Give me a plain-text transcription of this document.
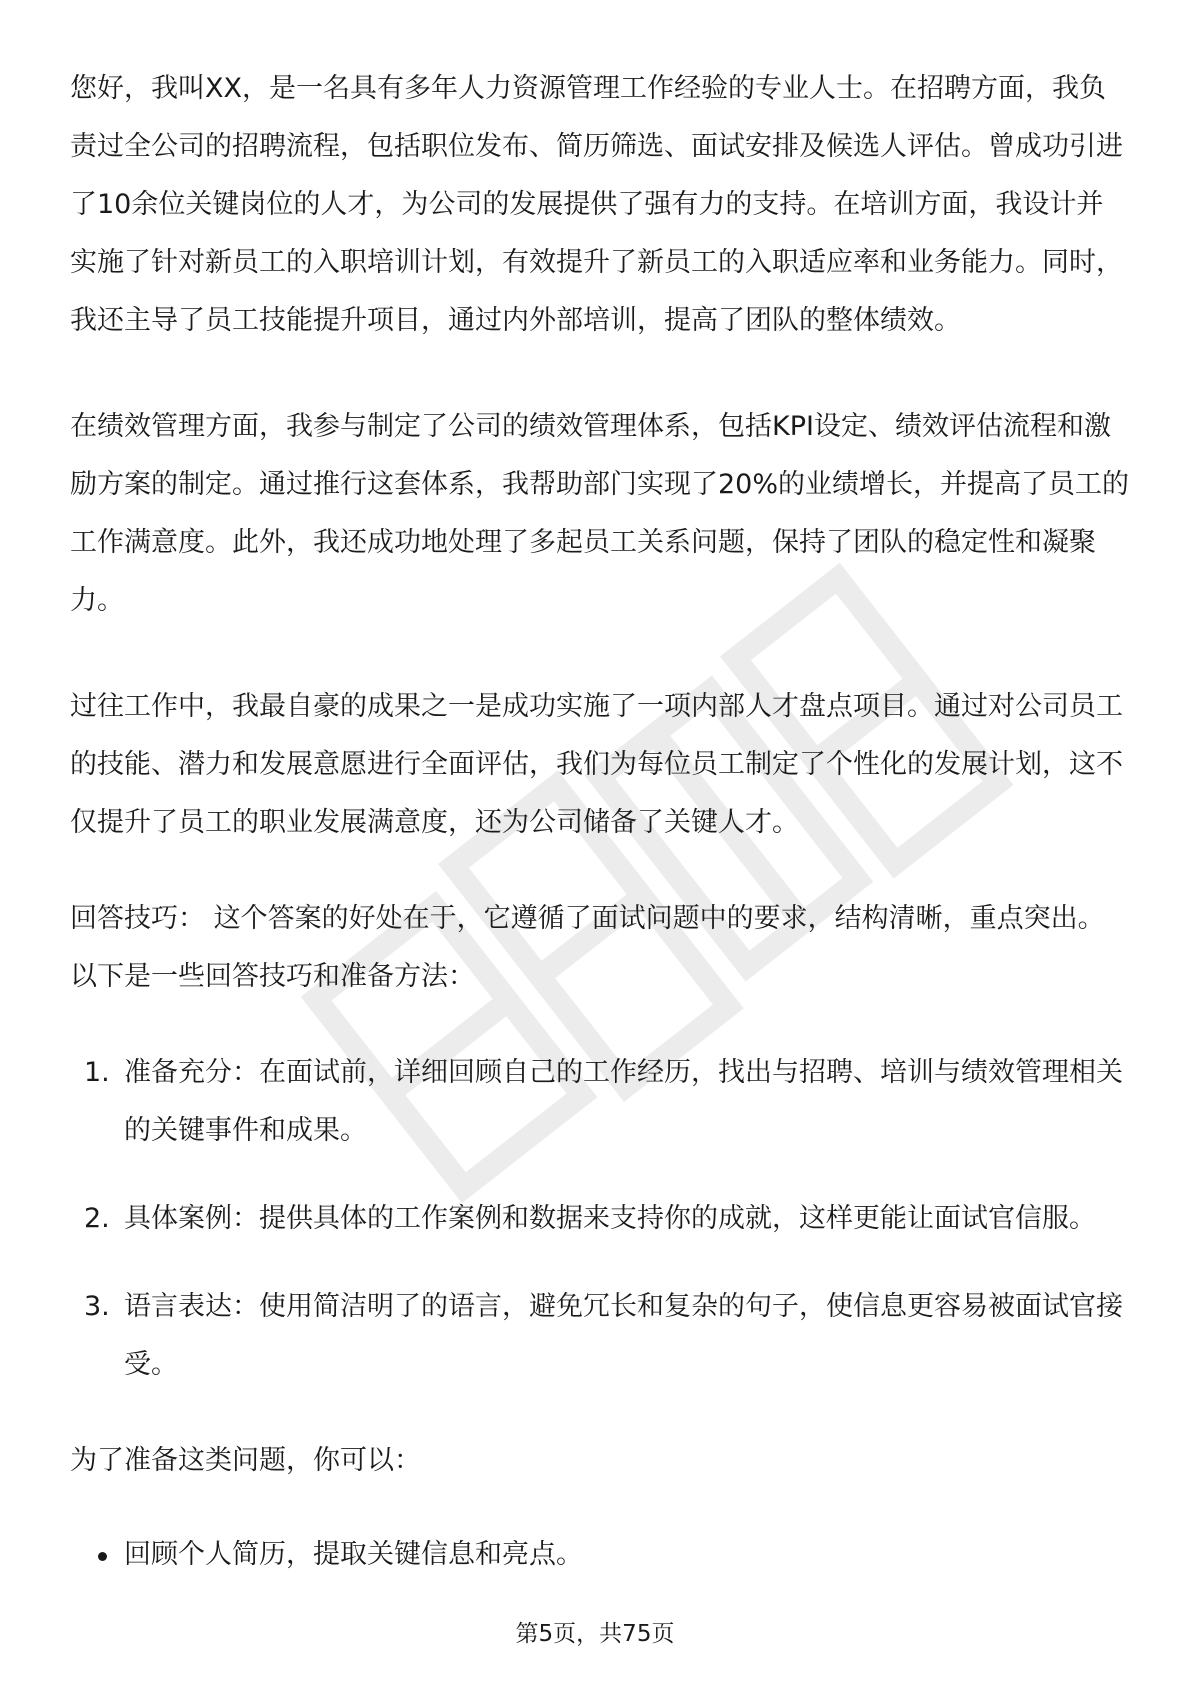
您好，我叫XX，是一名具有多年人力资源管理工作经验的专业人士。在招聘方面，我负责过全公司的招聘流程，包括职位发布、简历筛选、面试安排及候选人评估。曾成功引进了10余位关键岗位的人才，为公司的发展提供了强有力的支持。在培训方面，我设计并实施了针对新员工的入职培训计划，有效提升了新员工的入职适应率和业务能力。同时，我还主导了员工技能提升项目，通过内外部培训，提高了团队的整体绩效。

在绩效管理方面，我参与制定了公司的绩效管理体系，包括KPI设定、绩效评估流程和激励方案的制定。通过推行这套体系，我帮助部门实现了20%的业绩增长，并提高了员工的工作满意度。此外，我还成功地处理了多起员工关系问题，保持了团队的稳定性和凝聚力。

过往工作中，我最自豪的成果之一是成功实施了一项内部人才盘点项目。通过对公司员工的技能、潜力和发展意愿进行全面评估，我们为每位员工制定了个性化的发展计划，这不仅提升了员工的职业发展满意度，还为公司储备了关键人才。

回答技巧： 这个答案的好处在于，它遵循了面试问题中的要求，结构清晰，重点突出。以下是一些回答技巧和准备方法：

1. 准备充分：在面试前，详细回顾自己的工作经历，找出与招聘、培训与绩效管理相关的关键事件和成果。
2. 具体案例：提供具体的工作案例和数据来支持你的成就，这样更能让面试官信服。
3. 语言表达：使用简洁明了的语言，避免冗长和复杂的句子，使信息更容易被面试官接受。

为了准备这类问题，你可以：

回顾个人简历，提取关键信息和亮点。
第5页，共75页
